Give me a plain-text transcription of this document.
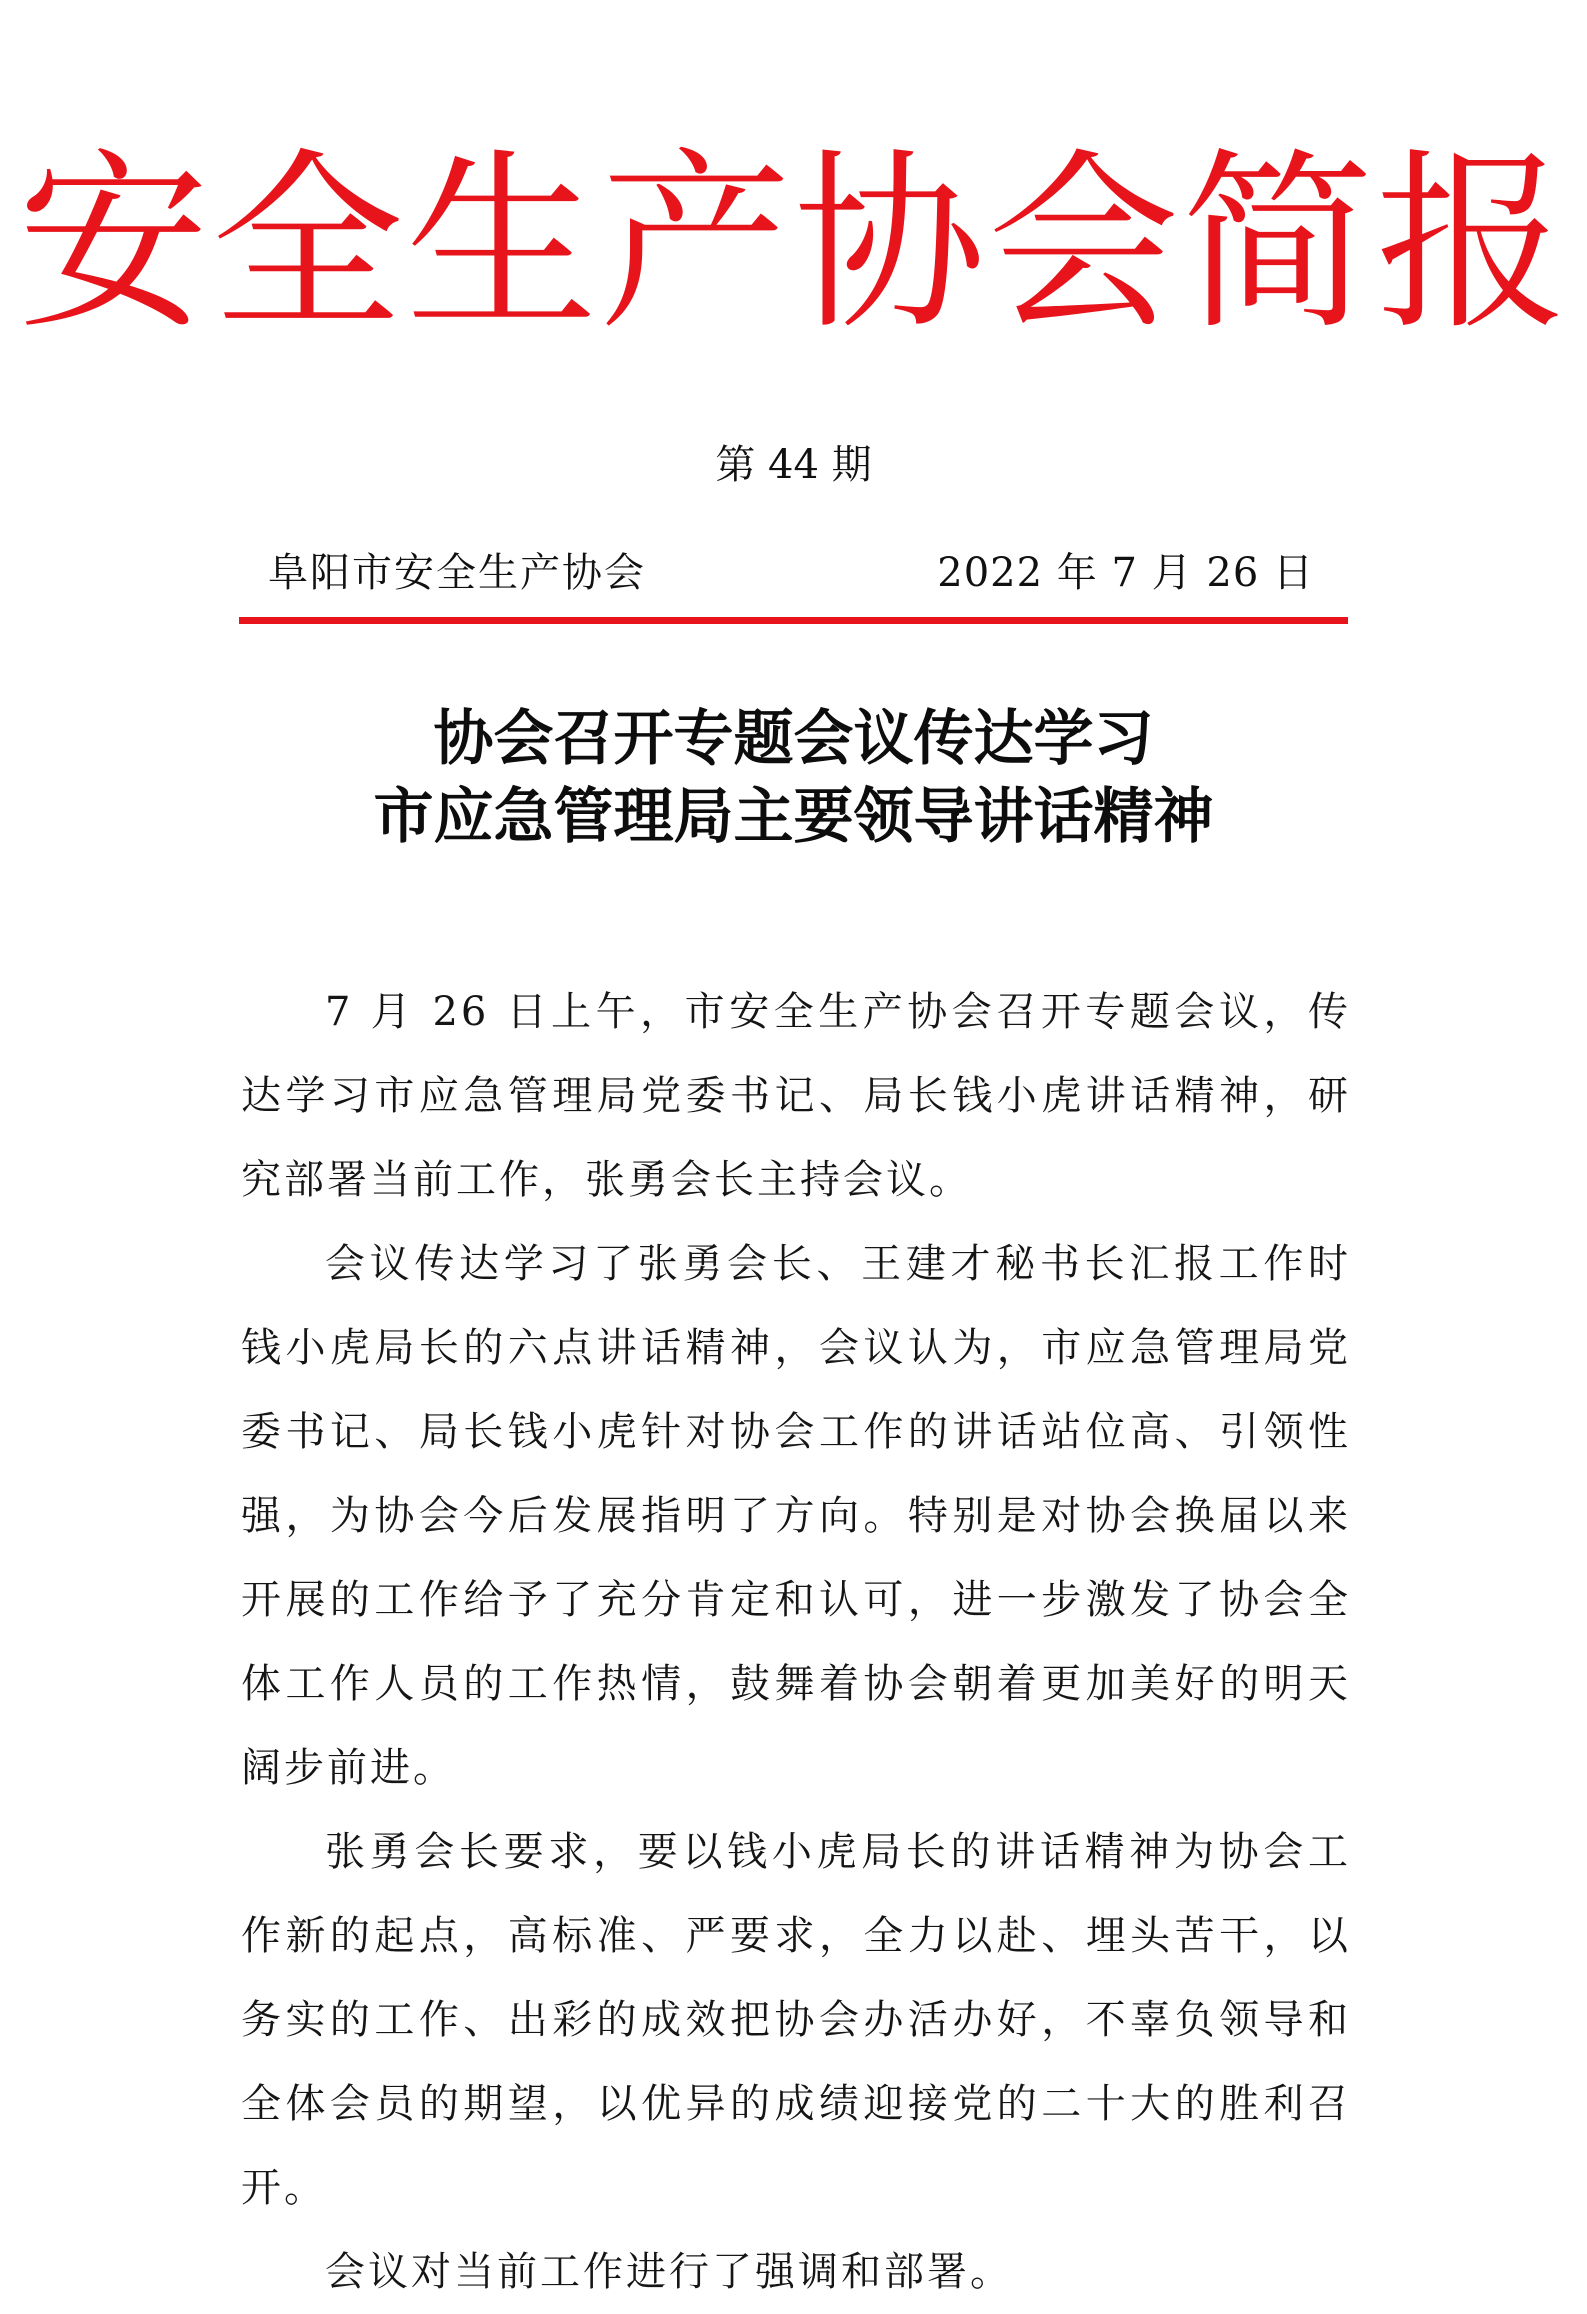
安全生产协会简报
第 44 期
阜阳市安全生产协会	2022 年 7 月 26 日
协会召开专题会议传达学习
市应急管理局主要领导讲话精神

7 月 26 日上午，市安全生产协会召开专题会议，传达学习市应急管理局党委书记、局长钱小虎讲话精神，研究部署当前工作，张勇会长主持会议。

会议传达学习了张勇会长、王建才秘书长汇报工作时钱小虎局长的六点讲话精神，会议认为，市应急管理局党委书记、局长钱小虎针对协会工作的讲话站位高、引领性强，为协会今后发展指明了方向。特别是对协会换届以来开展的工作给予了充分肯定和认可，进一步激发了协会全体工作人员的工作热情，鼓舞着协会朝着更加美好的明天阔步前进。

张勇会长要求，要以钱小虎局长的讲话精神为协会工作新的起点，高标准、严要求，全力以赴、埋头苦干，以务实的工作、出彩的成效把协会办活办好，不辜负领导和全体会员的期望，以优异的成绩迎接党的二十大的胜利召开。

会议对当前工作进行了强调和部署。
